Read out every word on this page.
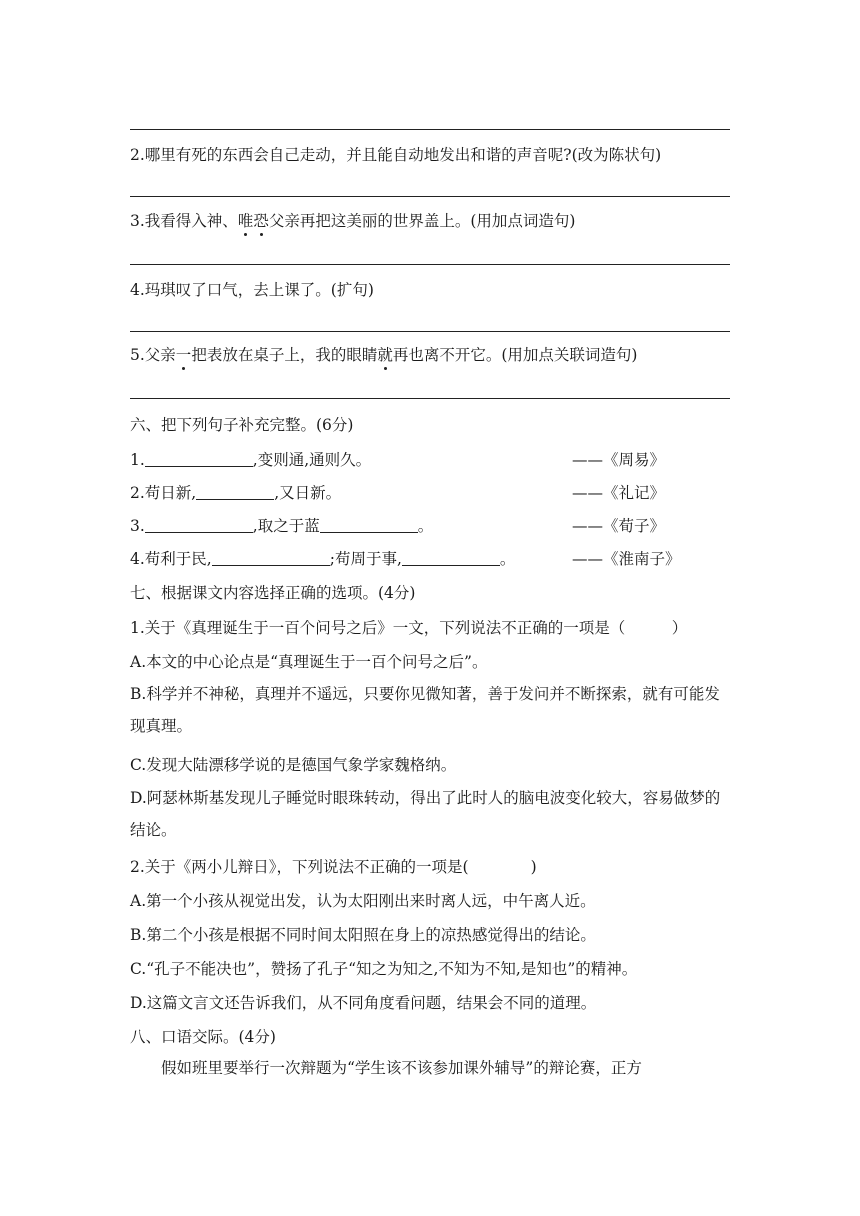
2.哪里有死的东西会自己走动，并且能自动地发出和谐的声音呢?(改为陈状句)
3.我看得入神、唯恐父亲再把这美丽的世界盖上。(用加点词造句)
4.玛琪叹了口气，去上课了。(扩句)
5.父亲一把表放在桌子上，我的眼睛就再也离不开它。(用加点关联词造句)
六、把下列句子补充完整。(6分)
1.	,变则通,通则久。	——《周易》
2.苟日新,	,又日新。	——《礼记》
3.	,取之于蓝	。	——《荀子》
4.苟利于民,	;苟周于事,	。	——《淮南子》
七、根据课文内容选择正确的选项。(4分)
1.关于《真理诞生于一百个问号之后》一文，下列说法不正确的一项是（　　　）
A.本文的中心论点是“真理诞生于一百个问号之后”。
B.科学并不神秘，真理并不遥远，只要你见微知著，善于发问并不断探索，就有可能发现真理。
C.发现大陆漂移学说的是德国气象学家魏格纳。
D.阿瑟林斯基发现儿子睡觉时眼珠转动，得出了此时人的脑电波变化较大，容易做梦的结论。
2.关于《两小儿辩日》，下列说法不正确的一项是(　　　　)
A.第一个小孩从视觉出发，认为太阳刚出来时离人远，中午离人近。
B.第二个小孩是根据不同时间太阳照在身上的凉热感觉得出的结论。
C.“孔子不能决也”，赞扬了孔子“知之为知之,不知为不知,是知也”的精神。
D.这篇文言文还告诉我们，从不同角度看问题，结果会不同的道理。
八、口语交际。(4分)
假如班里要举行一次辩题为“学生该不该参加课外辅导”的辩论赛，正方
